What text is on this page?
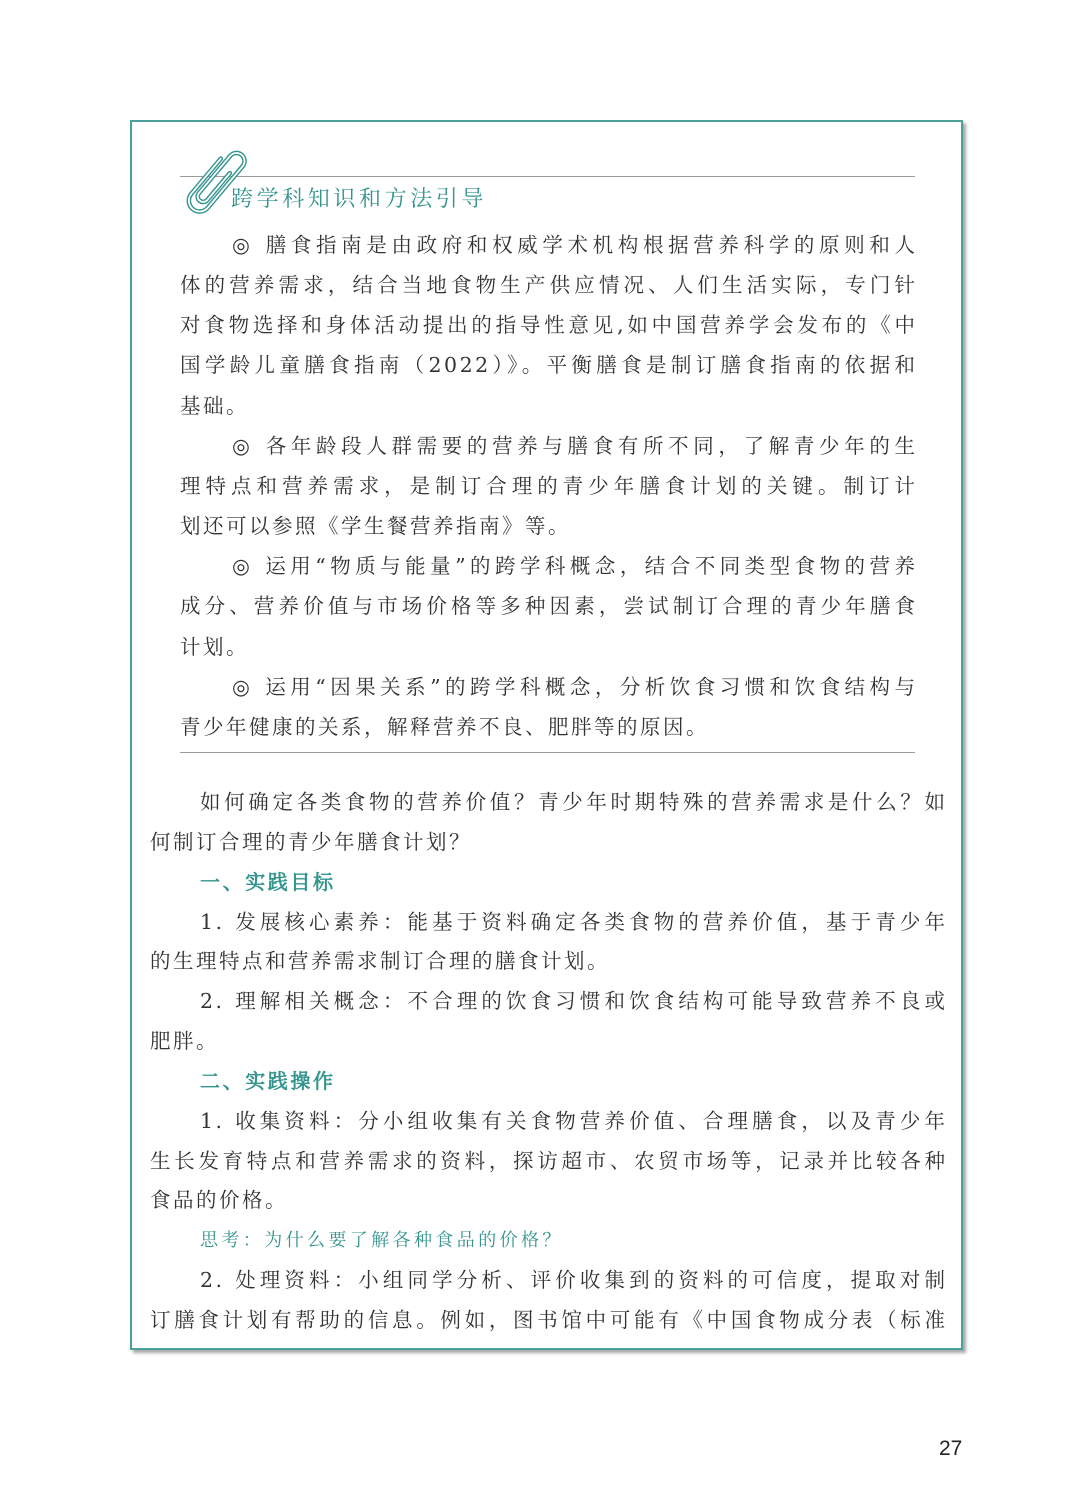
跨学科知识和方法引导
◎ 膳食指南是由政府和权威学术机构根据营养科学的原则和人
体的营养需求，结合当地食物生产供应情况、人们生活实际，专门针
对食物选择和身体活动提出的指导性意见,如中国营养学会发布的《中
国学龄儿童膳食指南（2022）》。平衡膳食是制订膳食指南的依据和
基础。
◎ 各年龄段人群需要的营养与膳食有所不同，了解青少年的生
理特点和营养需求，是制订合理的青少年膳食计划的关键。制订计
划还可以参照《学生餐营养指南》等。
◎ 运用“物质与能量”的跨学科概念，结合不同类型食物的营养
成分、营养价值与市场价格等多种因素，尝试制订合理的青少年膳食
计划。
◎ 运用“因果关系”的跨学科概念，分析饮食习惯和饮食结构与
青少年健康的关系，解释营养不良、肥胖等的原因。
如何确定各类食物的营养价值？青少年时期特殊的营养需求是什么？如
何制订合理的青少年膳食计划？
一、实践目标
1. 发展核心素养：能基于资料确定各类食物的营养价值，基于青少年
的生理特点和营养需求制订合理的膳食计划。
2. 理解相关概念：不合理的饮食习惯和饮食结构可能导致营养不良或
肥胖。
二、实践操作
1. 收集资料：分小组收集有关食物营养价值、合理膳食，以及青少年
生长发育特点和营养需求的资料，探访超市、农贸市场等，记录并比较各种
食品的价格。
思考：为什么要了解各种食品的价格？
2. 处理资料：小组同学分析、评价收集到的资料的可信度，提取对制
订膳食计划有帮助的信息。例如，图书馆中可能有《中国食物成分表（标准
27
